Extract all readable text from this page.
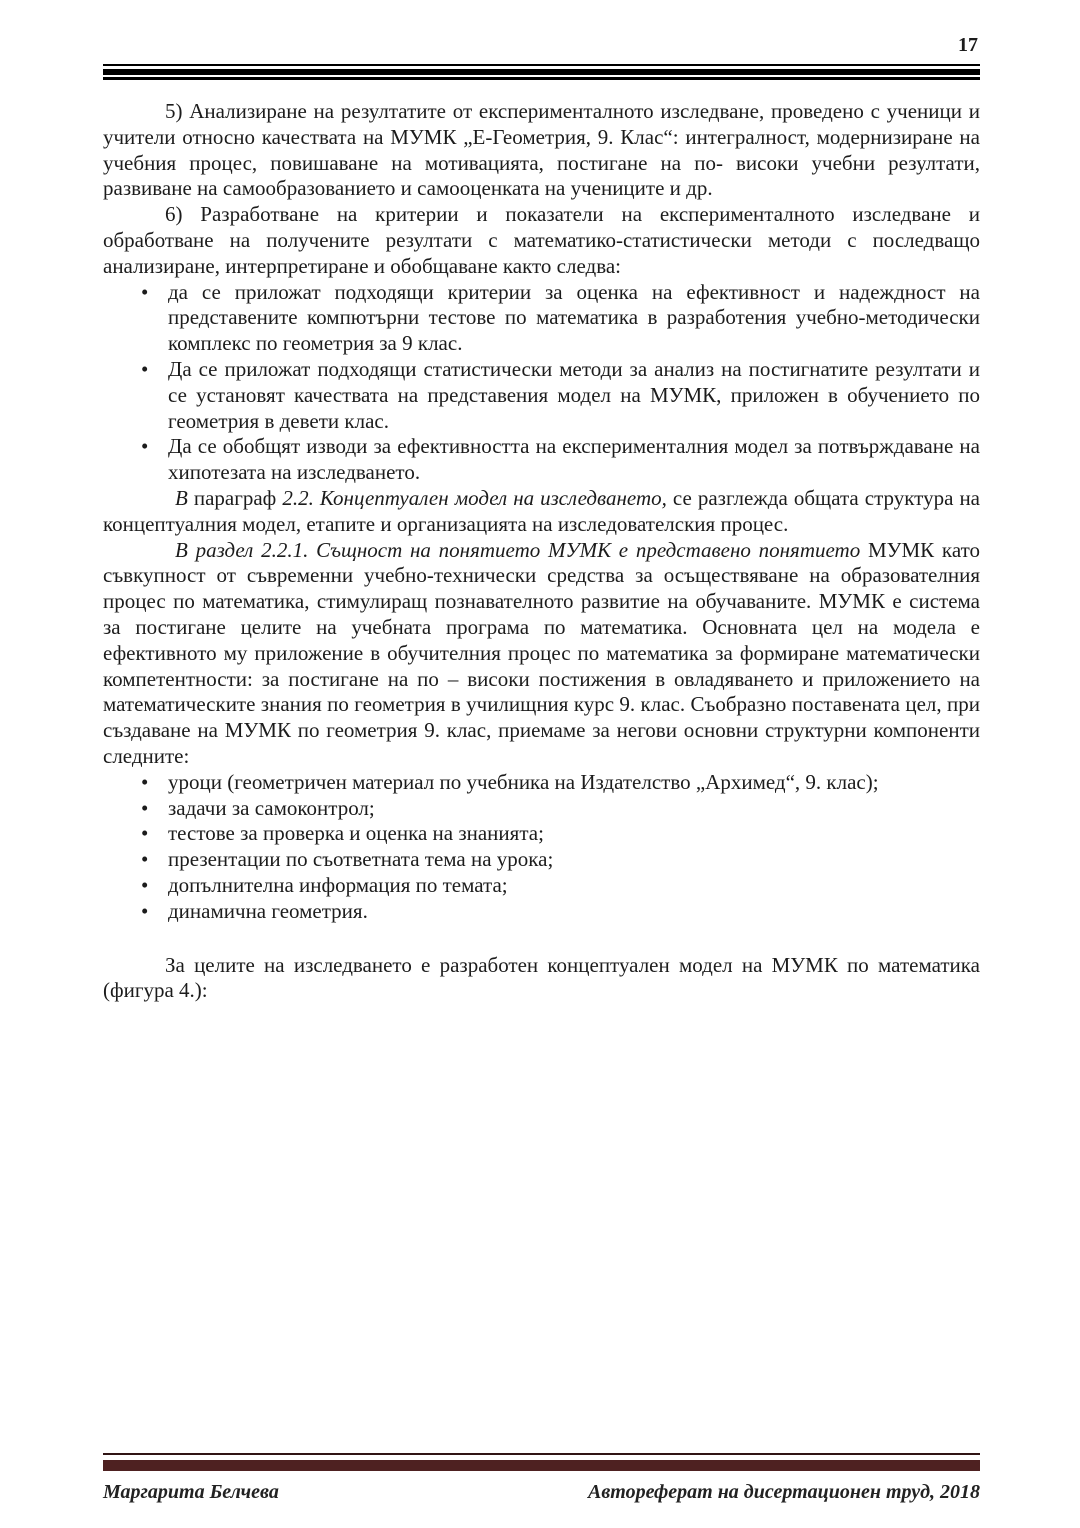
17

5) Анализиране на резултатите от експерименталното изследване, проведено с ученици и учители относно качествата на МУМК „Е-Геометрия, 9. Клас“: интегралност, модернизиране на учебния процес, повишаване на мотивацията, постигане на по- високи учебни резултати, развиване на самообразованието и самооценката на учениците и др.

6) Разработване на критерии и показатели на експерименталното изследване и обработване на получените резултати с математико-статистически методи с последващо анализиране, интерпретиране и обобщаване както следва:

• да се приложат подходящи критерии за оценка на ефективност и надеждност на представените компютърни тестове по математика в разработения учебно-методически комплекс по геометрия за 9 клас.
• Да се приложат подходящи статистически методи за анализ на постигнатите резултати и се установят качествата на представения модел на МУМК, приложен в обучението по геометрия в девети клас.
• Да се обобщят изводи за ефективността на експерименталния модел за потвърждаване на хипотезата на изследването.

В параграф 2.2. Концептуален модел на изследването, се разглежда общата структура на концептуалния модел, етапите и организацията на изследователския процес.

В раздел 2.2.1. Същност на понятието МУМК е представено понятието МУМК като съвкупност от съвременни учебно-технически средства за осъществяване на образователния процес по математика, стимулиращ познавателното развитие на обучаваните. МУМК е система за постигане целите на учебната програма по математика. Основната цел на модела е ефективното му приложение в обучителния процес по математика за формиране математически компетентности: за постигане на по – високи постижения в овладяването и приложението на математическите знания по геометрия в училищния курс 9. клас. Съобразно поставената цел, при създаване на МУМК по геометрия 9. клас, приемаме за негови основни структурни компоненти следните:

• уроци (геометричен материал по учебника на Издателство „Архимед“, 9. клас);
• задачи за самоконтрол;
• тестове за проверка и оценка на знанията;
• презентации по съответната тема на урока;
• допълнителна информация по темата;
• динамична геометрия.

За целите на изследването е разработен концептуален модел на МУМК по математика (фигура 4.):

Маргарита Белчева	Автореферат на дисертационен труд, 2018
